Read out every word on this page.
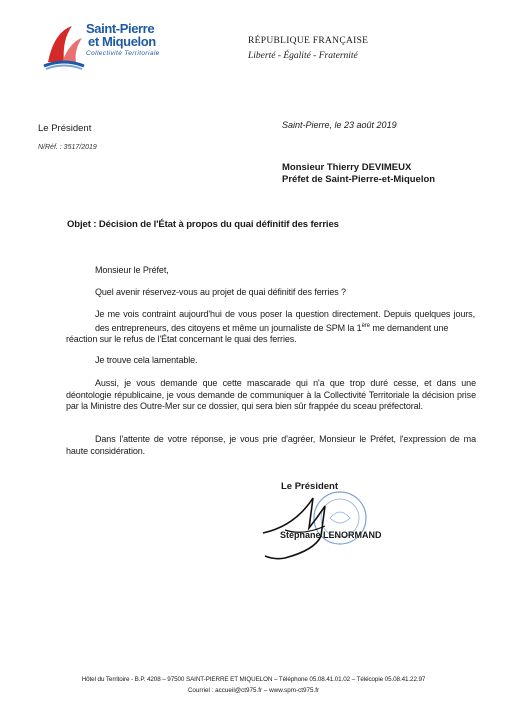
Saint-Pierre
et Miquelon
Collectivité Territoriale
RÉPUBLIQUE FRANÇAISE
Liberté - Égalité - Fraternité
Le Président
N/Réf. : 3517/2019
Saint-Pierre, le 23 août 2019
Monsieur Thierry DEVIMEUX
Préfet de Saint-Pierre-et-Miquelon
Objet : Décision de l'État à propos du quai définitif des ferries
Monsieur le Préfet,
Quel avenir réservez-vous au projet de quai définitif des ferries ?
Je me vois contraint aujourd'hui de vous poser la question directement. Depuis quelques jours, des entrepreneurs, des citoyens et même un journaliste de SPM la 1ère me demandent une
réaction sur le refus de l'État concernant le quai des ferries.
Je trouve cela lamentable.
Aussi, je vous demande que cette mascarade qui n'a que trop duré cesse, et dans une déontologie républicaine, je vous demande de communiquer à la Collectivité Territoriale la décision prise par la Ministre des Outre-Mer sur ce dossier, qui sera bien sûr frappée du sceau préfectoral.
Dans l'attente de votre réponse, je vous prie d'agréer, Monsieur le Préfet, l'expression de ma haute considération.
Le Président
Stéphane LENORMAND
Hôtel du Territoire - B.P. 4208 – 97500 SAINT-PIERRE ET MIQUELON – Téléphone 05.08.41.01.02 – Télécopie 05.08.41.22.97
Courriel : accueil@ct975.fr – www.spm-ct975.fr
